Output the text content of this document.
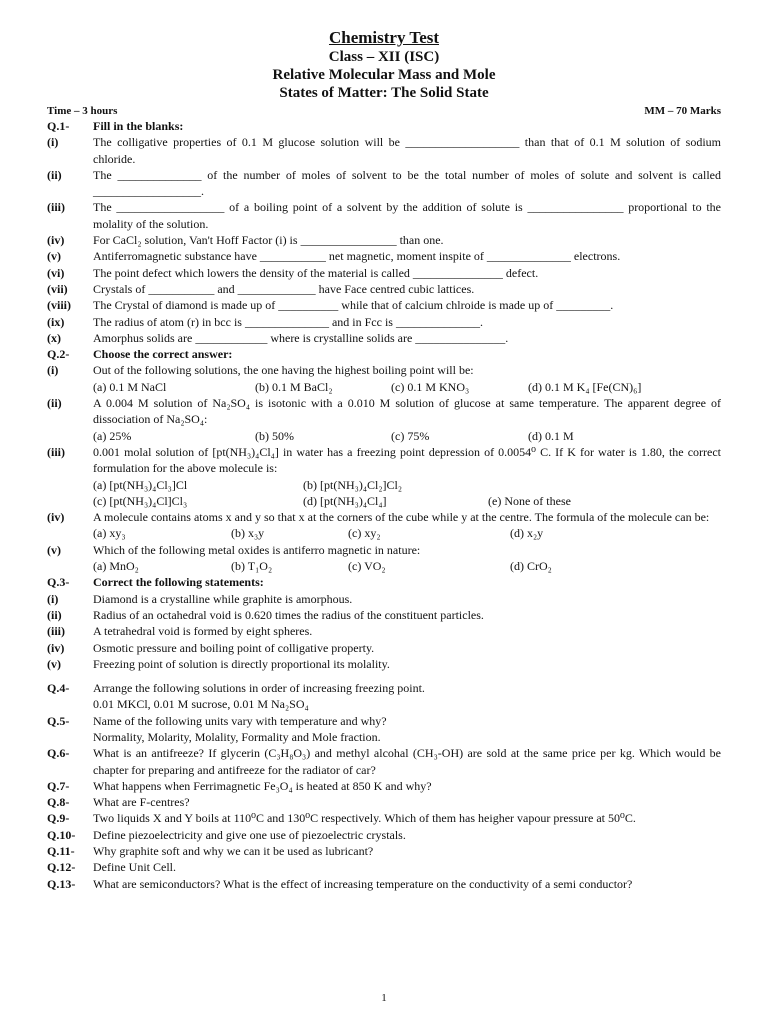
Chemistry Test
Class – XII (ISC)
Relative Molecular Mass and Mole
States of Matter: The Solid State
Time – 3 hours	MM – 70 Marks
Q.1-	Fill in the blanks:
(i)	The colligative properties of 0.1 M glucose solution will be ___________________ than that of 0.1 M solution of sodium chloride.
(ii)	The ______________ of the number of moles of solvent to be the total number of moles of solute and solvent is called __________________.
(iii)	The __________________ of a boiling point of a solvent by the addition of solute is ________________ proportional to the molality of the solution.
(iv)	For CaCl₂ solution, Van't Hoff Factor (i) is ________________ than one.
(v)	Antiferromagnetic substance have ___________ net magnetic, moment inspite of ______________ electrons.
(vi)	The point defect which lowers the density of the material is called _______________ defect.
(vii)	Crystals of ___________ and _____________ have Face centred cubic lattices.
(viii)	The Crystal of diamond is made up of __________ while that of calcium chlroide is made up of _________.
(ix)	The radius of atom (r) in bcc is ______________ and in Fcc is ______________.
(x)	Amorphus solids are ____________ where is crystalline solids are _______________.
Q.2-	Choose the correct answer:
(i)	Out of the following solutions, the one having the highest boiling point will be:
(a) 0.1 M NaCl	(b) 0.1 M BaCl₂	(c) 0.1 M KNO₃	(d) 0.1 M K₄ [Fe(CN)₆]
(ii)	A 0.004 M solution of Na₂SO₄ is isotonic with a 0.010 M solution of glucose at same temperature. The apparent degree of dissociation of Na₂SO₄:
(a) 25%	(b) 50%	(c) 75%	(d) 0.1 M
(iii)	0.001 molal solution of [pt(NH₃)₄Cl₄] in water has a freezing point depression of 0.0054⁰ C. If K for water is 1.80, the correct formulation for the above molecule is:
(a) [pt(NH₃)₄Cl₃]Cl	(b) [pt(NH₃)₄Cl₂]Cl₂
(c) [pt(NH₃)₄Cl]Cl₃	(d) [pt(NH₃)₄Cl₄]	(e) None of these
(iv)	A molecule contains atoms x and y so that x at the corners of the cube while y at the centre. The formula of the molecule can be:
(a) xy₃	(b) x₃y	(c) xy₂	(d) x₂y
(v)	Which of the following metal oxides is antiferro magnetic in nature:
(a) MnO₂	(b) T₁O₂	(c) VO₂	(d) CrO₂
Q.3-	Correct the following statements:
(i)	Diamond is a crystalline while graphite is amorphous.
(ii)	Radius of an octahedral void is 0.620 times the radius of the constituent particles.
(iii)	A tetrahedral void is formed by eight spheres.
(iv)	Osmotic pressure and boiling point of colligative property.
(v)	Freezing point of solution is directly proportional its molality.
Q.4-	Arrange the following solutions in order of increasing freezing point.
0.01 MKCl, 0.01 M sucrose, 0.01 M Na₂SO₄
Q.5-	Name of the following units vary with temperature and why?
Normality, Molarity, Molality, Formality and Mole fraction.
Q.6-	What is an antifreeze? If glycerin (C₃H₈O₃) and methyl alcohal (CH₃-OH) are sold at the same price per kg. Which would be chapter for preparing and antifreeze for the radiator of car?
Q.7-	What happens when Ferrimagnetic Fe₃O₄ is heated at 850 K and why?
Q.8-	What are F-centres?
Q.9-	Two liquids X and Y boils at 110⁰C and 130⁰C respectively. Which of them has heigher vapour pressure at 50⁰C.
Q.10-	Define piezoelectricity and give one use of piezoelectric crystals.
Q.11-	Why graphite soft and why we can it be used as lubricant?
Q.12-	Define Unit Cell.
Q.13-	What are semiconductors? What is the effect of increasing temperature on the conductivity of a semi conductor?
1
